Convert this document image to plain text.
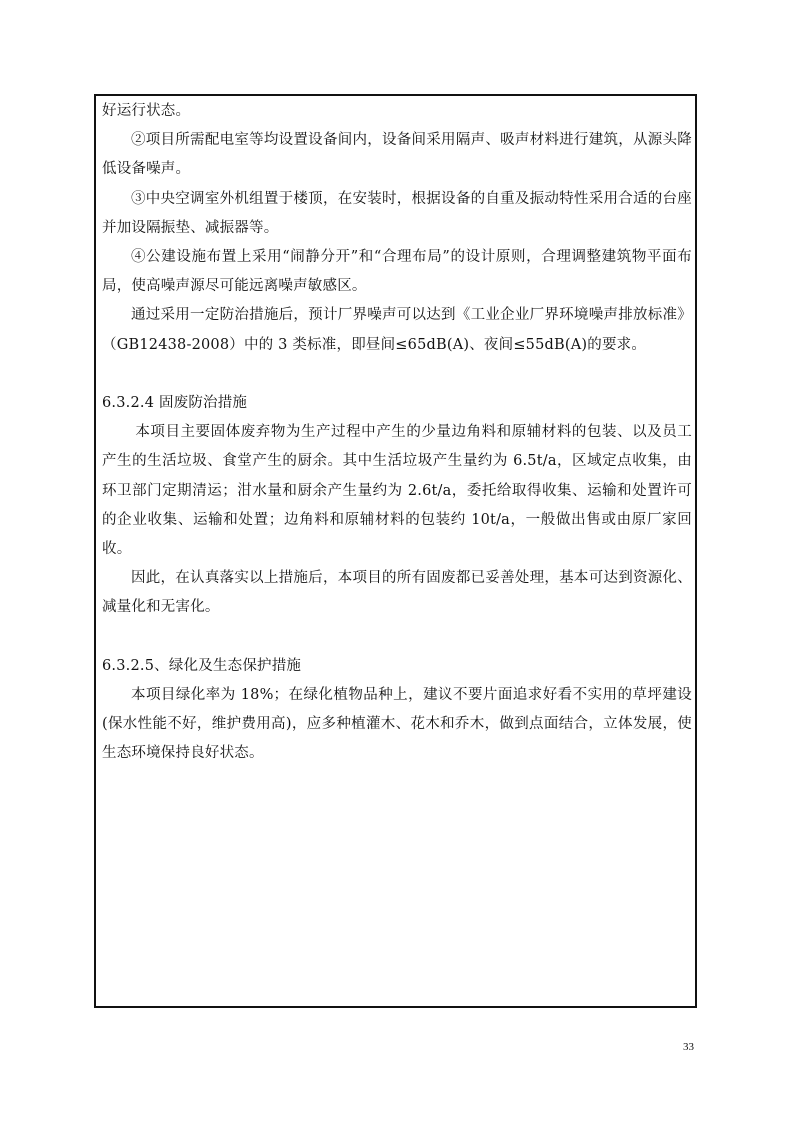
好运行状态。

②项目所需配电室等均设置设备间内，设备间采用隔声、吸声材料进行建筑，从源头降低设备噪声。

③中央空调室外机组置于楼顶，在安装时，根据设备的自重及振动特性采用合适的台座并加设隔振垫、减振器等。

④公建设施布置上采用“闹静分开”和“合理布局”的设计原则，合理调整建筑物平面布局，使高噪声源尽可能远离噪声敏感区。

通过采用一定防治措施后，预计厂界噪声可以达到《工业企业厂界环境噪声排放标准》（GB12438-2008）中的 3 类标准，即昼间≤65dB(A)、夜间≤55dB(A)的要求。

6.3.2.4 固废防治措施

本项目主要固体废弃物为生产过程中产生的少量边角料和原辅材料的包装、以及员工产生的生活垃圾、食堂产生的厨余。其中生活垃圾产生量约为 6.5t/a，区域定点收集，由环卫部门定期清运；泔水量和厨余产生量约为 2.6t/a，委托给取得收集、运输和处置许可的企业收集、运输和处置；边角料和原辅材料的包装约 10t/a，一般做出售或由原厂家回收。

因此，在认真落实以上措施后，本项目的所有固废都已妥善处理，基本可达到资源化、减量化和无害化。

6.3.2.5、绿化及生态保护措施

本项目绿化率为 18%；在绿化植物品种上，建议不要片面追求好看不实用的草坪建设(保水性能不好，维护费用高)，应多种植灌木、花木和乔木，做到点面结合，立体发展，使生态环境保持良好状态。

33
